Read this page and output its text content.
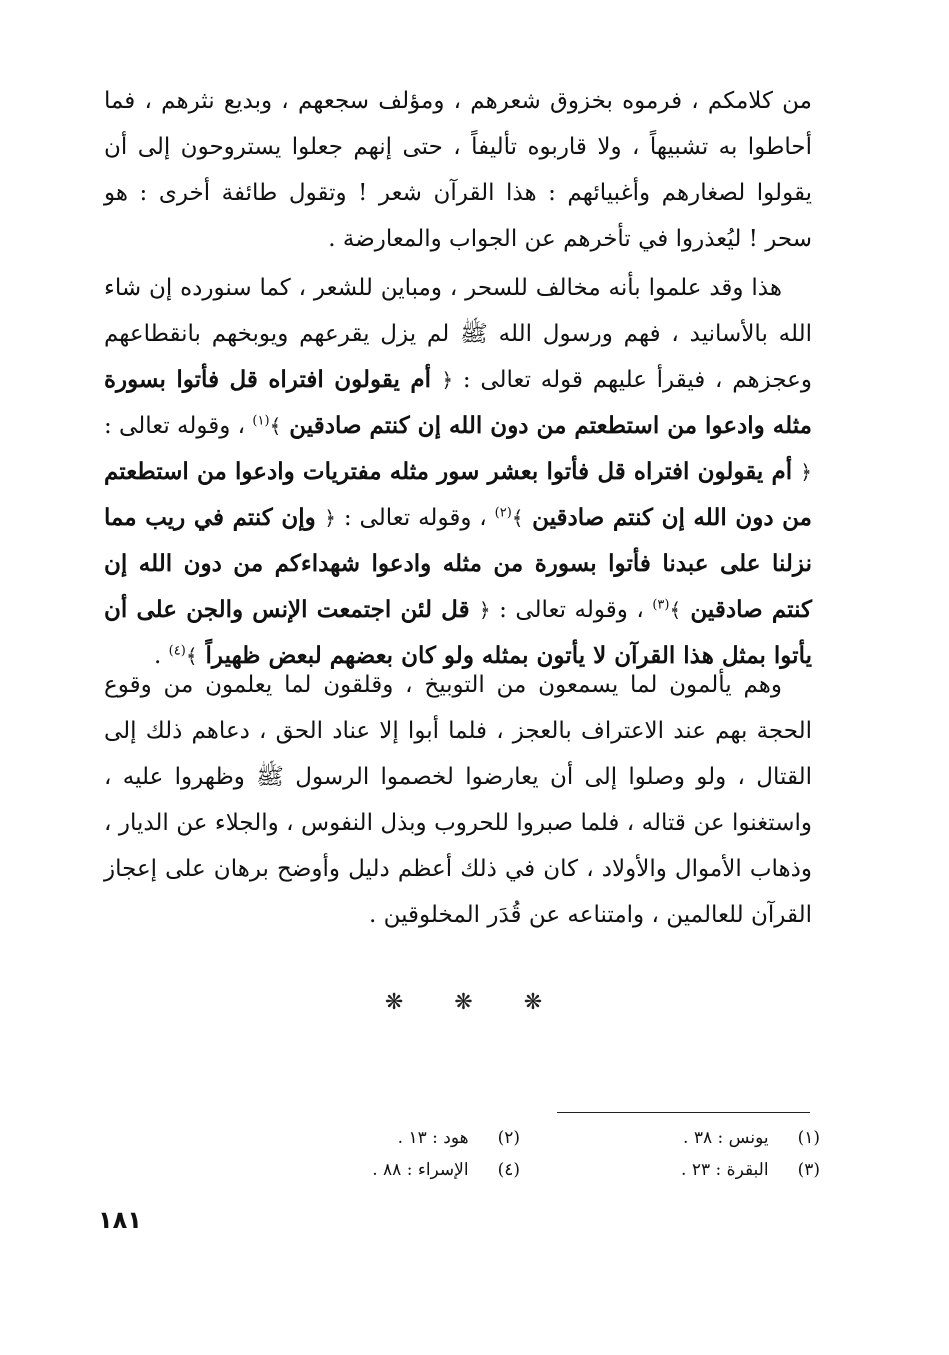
من كلامكم ، فرموه بخزوق شعرهم ، ومؤلف سجعهم ، وبديع نثرهم ، فما أحاطوا به تشبيهاً ، ولا قاربوه تأليفاً ، حتى إنهم جعلوا يستروحون إلى أن يقولوا لصغارهم وأغبيائهم : هذا القرآن شعر ! وتقول طائفة أخرى : هو سحر ! ليُعذروا في تأخرهم عن الجواب والمعارضة .

هذا وقد علموا بأنه مخالف للسحر ، ومباين للشعر ، كما سنورده إن شاء الله بالأسانيد ، فهم ورسول الله ﷺ لم يزل يقرعهم ويوبخهم بانقطاعهم وعجزهم ، فيقرأ عليهم قوله تعالى : ﴿ أم يقولون افتراه قل فأتوا بسورة مثله وادعوا من استطعتم من دون الله إن كنتم صادقين ﴾$^{(١)}$ ، وقوله تعالى : ﴿ أم يقولون افتراه قل فأتوا بعشر سور مثله مفتريات وادعوا من استطعتم من دون الله إن كنتم صادقين ﴾$^{(٢)}$ ، وقوله تعالى : ﴿ وإن كنتم في ريب مما نزلنا على عبدنا فأتوا بسورة من مثله وادعوا شهداءكم من دون الله إن كنتم صادقين ﴾$^{(٣)}$ ، وقوله تعالى : ﴿ قل لئن اجتمعت الإنس والجن على أن يأتوا بمثل هذا القرآن لا يأتون بمثله ولو كان بعضهم لبعض ظهيراً ﴾$^{(٤)}$ .

وهم يألمون لما يسمعون من التوبيخ ، وقلقون لما يعلمون من وقوع الحجة بهم عند الاعتراف بالعجز ، فلما أبوا إلا عناد الحق ، دعاهم ذلك إلى القتال ، ولو وصلوا إلى أن يعارضوا لخصموا الرسول ﷺ وظهروا عليه ، واستغنوا عن قتاله ، فلما صبروا للحروب وبذل النفوس ، والجلاء عن الديار ، وذهاب الأموال والأولاد ، كان في ذلك أعظم دليل وأوضح برهان على إعجاز القرآن للعالمين ، وامتناعه عن قُدَر المخلوقين .

❋ ❋ ❋
(١) يونس : ٣٨ .
(٢) هود : ١٣ .
(٣) البقرة : ٢٣ .
(٤) الإسراء : ٨٨ .
١٨١
